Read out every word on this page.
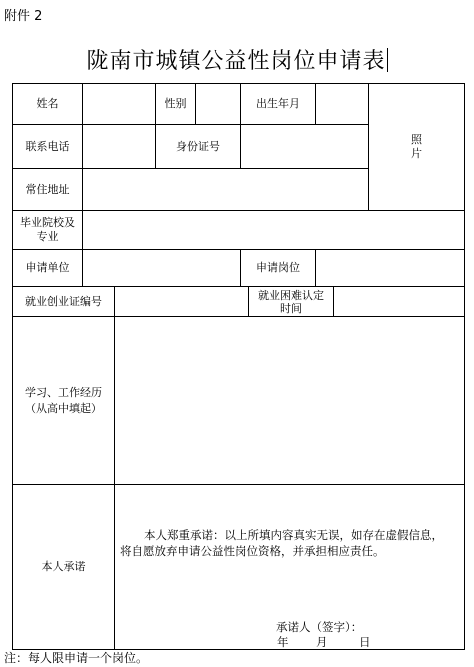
附件 2
陇南市城镇公益性岗位申请表
姓名	性别	出生年月
照
片
联系电话	身份证号
常住地址
毕业院校及
专业
申请单位	申请岗位
就业创业证编号	就业困难认定
时间
学习、工作经历
（从高中填起）
本人承诺
本人郑重承诺：以上所填内容真实无误，如存在虚假信息，
将自愿放弃申请公益性岗位资格，并承担相应责任。
承诺人（签字）：
年 月	日
注：每人限申请一个岗位。
